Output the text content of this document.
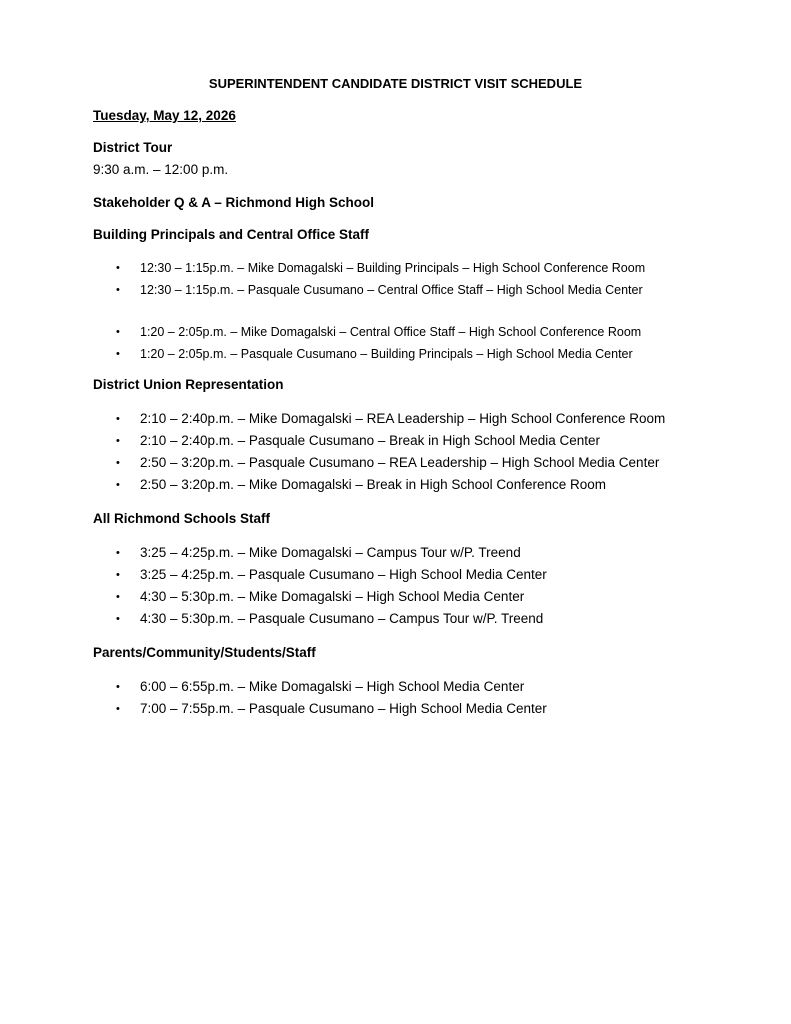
SUPERINTENDENT CANDIDATE DISTRICT VISIT SCHEDULE
Tuesday, May 12, 2026
District Tour
9:30 a.m. – 12:00 p.m.
Stakeholder Q & A – Richmond High School
Building Principals and Central Office Staff
• 12:30 – 1:15p.m. – Mike Domagalski – Building Principals – High School Conference Room
• 12:30 – 1:15p.m. – Pasquale Cusumano – Central Office Staff – High School Media Center
• 1:20 – 2:05p.m. – Mike Domagalski – Central Office Staff – High School Conference Room
• 1:20 – 2:05p.m. – Pasquale Cusumano – Building Principals – High School Media Center
District Union Representation
• 2:10 – 2:40p.m. – Mike Domagalski – REA Leadership – High School Conference Room
• 2:10 – 2:40p.m. – Pasquale Cusumano – Break in High School Media Center
• 2:50 – 3:20p.m. – Pasquale Cusumano – REA Leadership – High School Media Center
• 2:50 – 3:20p.m. – Mike Domagalski – Break in High School Conference Room
All Richmond Schools Staff
• 3:25 – 4:25p.m. – Mike Domagalski – Campus Tour w/P. Treend
• 3:25 – 4:25p.m. – Pasquale Cusumano – High School Media Center
• 4:30 – 5:30p.m. – Mike Domagalski – High School Media Center
• 4:30 – 5:30p.m. – Pasquale Cusumano – Campus Tour w/P. Treend
Parents/Community/Students/Staff
• 6:00 – 6:55p.m. – Mike Domagalski – High School Media Center
• 7:00 – 7:55p.m. – Pasquale Cusumano – High School Media Center
